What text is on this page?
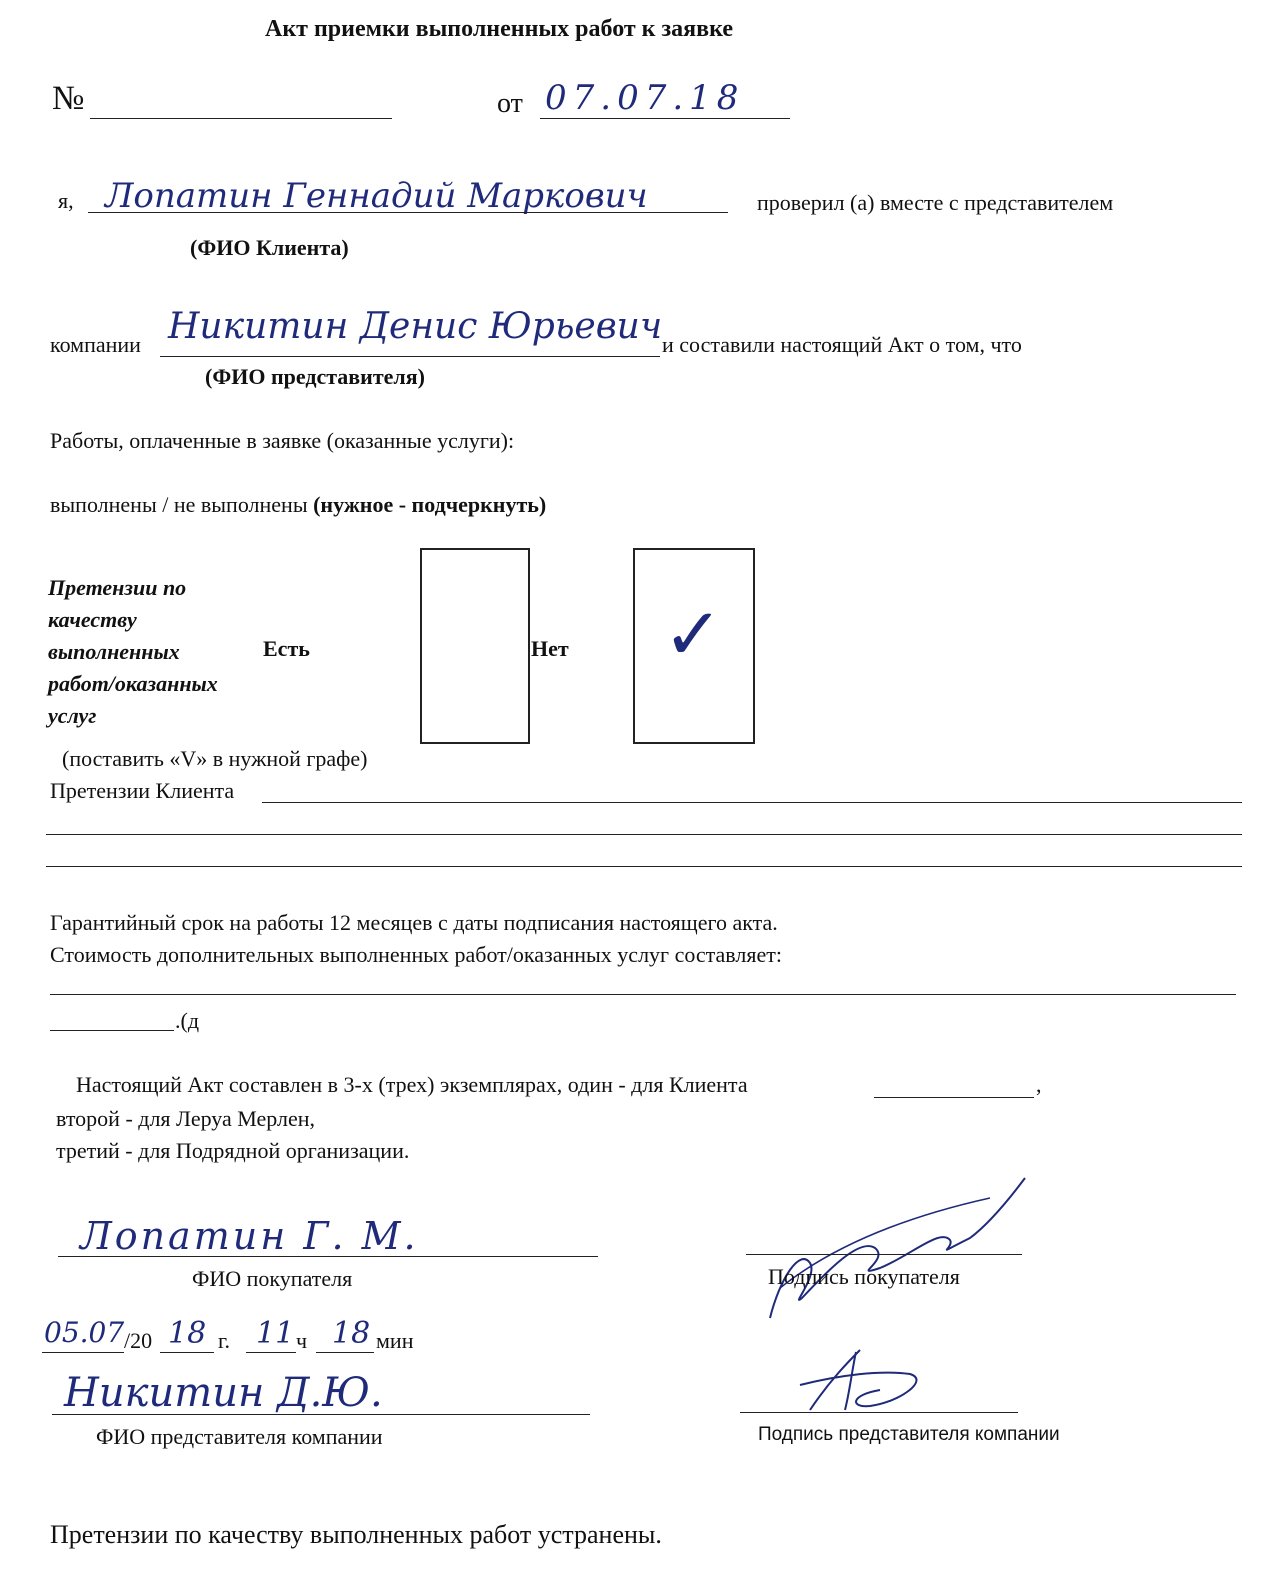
Акт приемки выполненных работ к заявке
№	от 07.07.18
я, Лопатин Геннадий Маркович	проверил (а) вместе с представителем
(ФИО Клиента)
компании Никитин Денис Юрьевич и составили настоящий Акт о том, что
(ФИО представителя)
Работы, оплаченные в заявке (оказанные услуги):
выполнены / не выполнены (нужное - подчеркнуть)
Претензии по
качеству
выполненных
работ/оказанных
услуг
Есть	Нет ✓
(поставить «V» в нужной графе)
Претензии Клиента
Гарантийный срок на работы 12 месяцев с даты подписания настоящего акта.
Стоимость дополнительных выполненных работ/оказанных услуг составляет:
.(д
Настоящий Акт составлен в 3-х (трех) экземплярах, один - для Клиента	,
второй - для Леруа Мерлен,
третий - для Подрядной организации.
Лопатин Г. М.
ФИО покупателя	Подпись покупателя
05.07 /20 18 г. 11 ч 18 мин
Никитин Д.Ю.
ФИО представителя компании	Подпись представителя компании
Претензии по качеству выполненных работ устранены.
